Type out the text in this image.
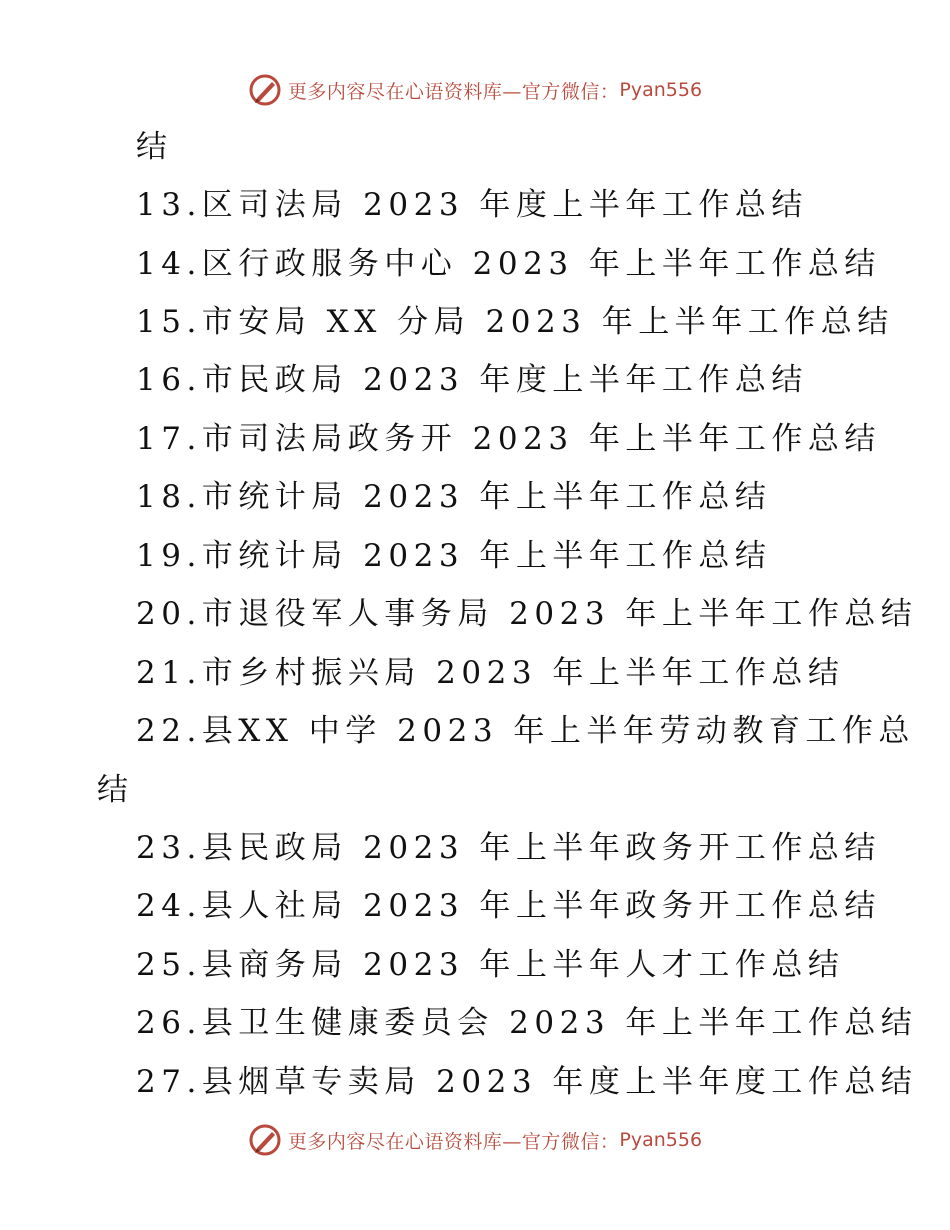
更多内容尽在心语资料库—官方微信： Pyan556
结
13.区司法局 2023 年度上半年工作总结
14.区行政服务中心 2023 年上半年工作总结
15.市安局 XX 分局 2023 年上半年工作总结
16.市民政局 2023 年度上半年工作总结
17.市司法局政务开 2023 年上半年工作总结
18.市统计局 2023 年上半年工作总结
19.市统计局 2023 年上半年工作总结
20.市退役军人事务局 2023 年上半年工作总结
21.市乡村振兴局 2023 年上半年工作总结
22.县XX 中学 2023 年上半年劳动教育工作总
结
23.县民政局 2023 年上半年政务开工作总结
24.县人社局 2023 年上半年政务开工作总结
25.县商务局 2023 年上半年人才工作总结
26.县卫生健康委员会 2023 年上半年工作总结
27.县烟草专卖局 2023 年度上半年度工作总结
更多内容尽在心语资料库—官方微信： Pyan556
